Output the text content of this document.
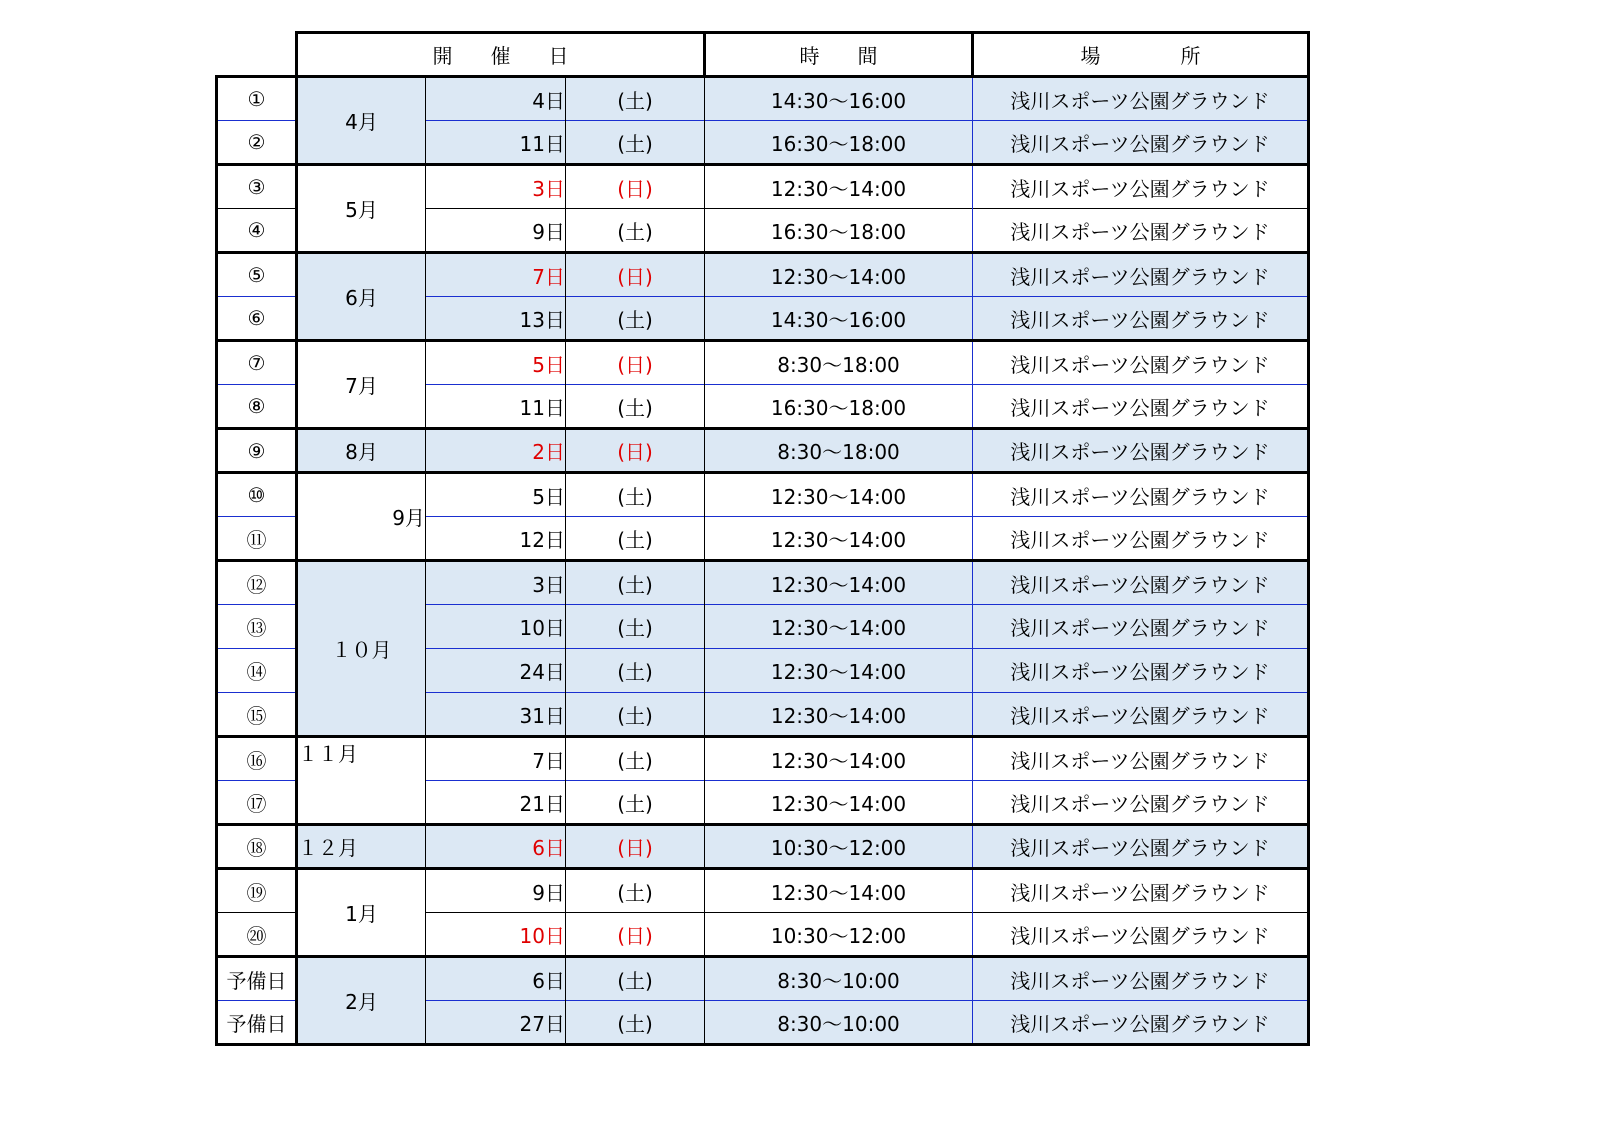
	開 催 日			時 間	場 所

①	4月	4日	(土)	14:30〜16:00	浅川スポーツ公園グラウンド
②		11日	(土)	16:30〜18:00	浅川スポーツ公園グラウンド
③	5月	3日	(日)	12:30〜14:00	浅川スポーツ公園グラウンド
④		9日	(土)	16:30〜18:00	浅川スポーツ公園グラウンド
⑤	6月	7日	(日)	12:30〜14:00	浅川スポーツ公園グラウンド
⑥		13日	(土)	14:30〜16:00	浅川スポーツ公園グラウンド
⑦	7月	5日	(日)	8:30〜18:00	浅川スポーツ公園グラウンド
⑧		11日	(土)	16:30〜18:00	浅川スポーツ公園グラウンド
⑨	8月	2日	(日)	8:30〜18:00	浅川スポーツ公園グラウンド
⑩	9月	5日	(土)	12:30〜14:00	浅川スポーツ公園グラウンド
⑪		12日	(土)	12:30〜14:00	浅川スポーツ公園グラウンド
⑫	１０月	3日	(土)	12:30〜14:00	浅川スポーツ公園グラウンド
⑬		10日	(土)	12:30〜14:00	浅川スポーツ公園グラウンド
⑭		24日	(土)	12:30〜14:00	浅川スポーツ公園グラウンド
⑮		31日	(土)	12:30〜14:00	浅川スポーツ公園グラウンド
⑯	１１月	7日	(土)	12:30〜14:00	浅川スポーツ公園グラウンド
⑰		21日	(土)	12:30〜14:00	浅川スポーツ公園グラウンド
⑱	１２月	6日	(日)	10:30〜12:00	浅川スポーツ公園グラウンド
⑲	1月	9日	(土)	12:30〜14:00	浅川スポーツ公園グラウンド
⑳		10日	(日)	10:30〜12:00	浅川スポーツ公園グラウンド
予備日	2月	6日	(土)	8:30〜10:00	浅川スポーツ公園グラウンド
予備日		27日	(土)	8:30〜10:00	浅川スポーツ公園グラウンド
